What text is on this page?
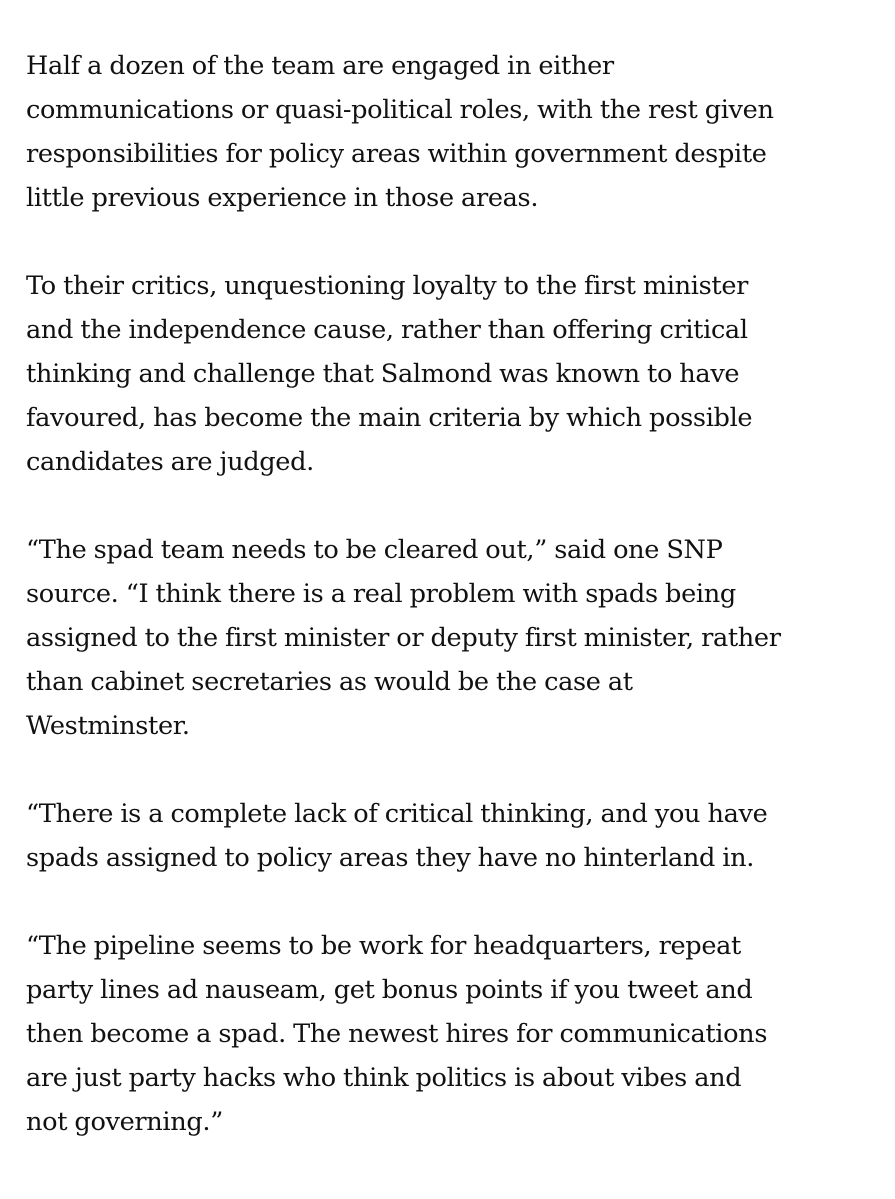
Half a dozen of the team are engaged in either
communications or quasi-political roles, with the rest given
responsibilities for policy areas within government despite
little previous experience in those areas.

To their critics, unquestioning loyalty to the first minister
and the independence cause, rather than offering critical
thinking and challenge that Salmond was known to have
favoured, has become the main criteria by which possible
candidates are judged.

“The spad team needs to be cleared out,” said one SNP
source. “I think there is a real problem with spads being
assigned to the first minister or deputy first minister, rather
than cabinet secretaries as would be the case at
Westminster.

“There is a complete lack of critical thinking, and you have
spads assigned to policy areas they have no hinterland in.

“The pipeline seems to be work for headquarters, repeat
party lines ad nauseam, get bonus points if you tweet and
then become a spad. The newest hires for communications
are just party hacks who think politics is about vibes and
not governing.”
